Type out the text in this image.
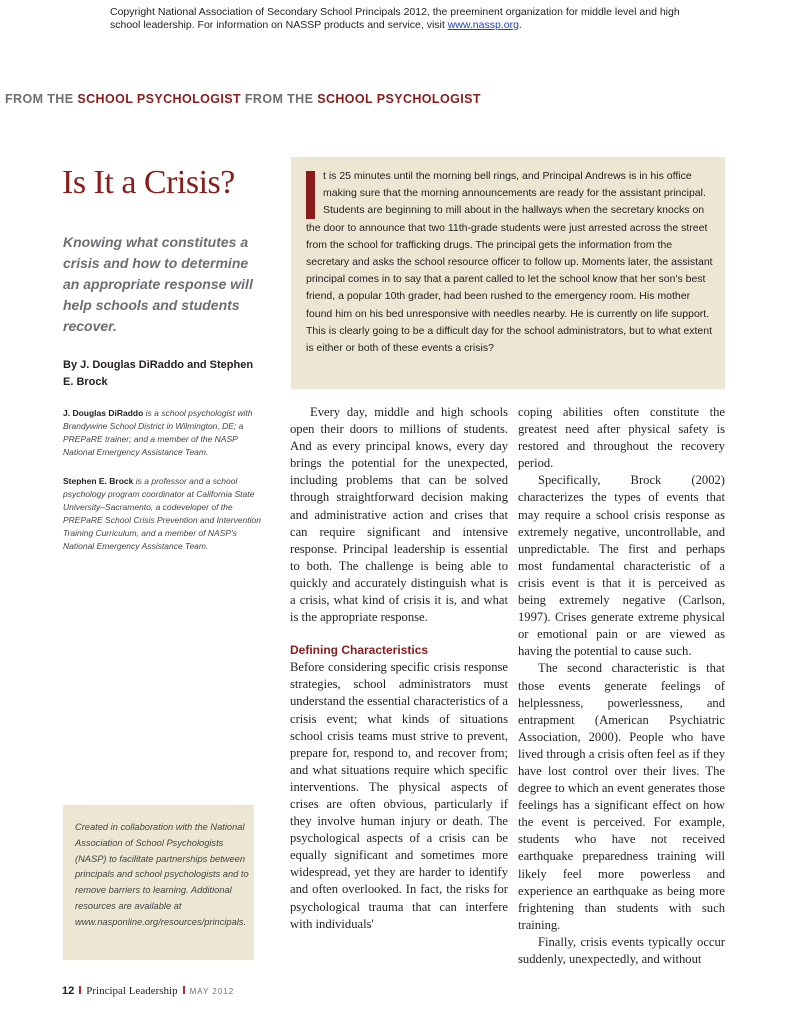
Copyright National Association of Secondary School Principals 2012, the preeminent organization for middle level and high school leadership. For information on NASSP products and service, visit www.nassp.org.
FROM THE SCHOOL PSYCHOLOGIST FROM THE SCHOOL PSYCHOLOGIST
Is It a Crisis?
Knowing what constitutes a crisis and how to determine an appropriate response will help schools and students recover.
By J. Douglas DiRaddo and Stephen E. Brock
J. Douglas DiRaddo is a school psychologist with Brandywine School District in Wilmington, DE; a PREPaRE trainer; and a member of the NASP National Emergency Assistance Team.
Stephen E. Brock is a professor and a school psychology program coordinator at California State University–Sacramento, a codeveloper of the PREPaRE School Crisis Prevention and Intervention Training Curriculum, and a member of NASP's National Emergency Assistance Team.
t is 25 minutes until the morning bell rings, and Principal Andrews is in his office making sure that the morning announcements are ready for the assistant principal. Students are beginning to mill about in the hallways when the secretary knocks on the door to announce that two 11th-grade students were just arrested across the street from the school for trafficking drugs. The principal gets the information from the secretary and asks the school resource officer to follow up. Moments later, the assistant principal comes in to say that a parent called to let the school know that her son's best friend, a popular 10th grader, had been rushed to the emergency room. His mother found him on his bed unresponsive with needles nearby. He is currently on life support. This is clearly going to be a difficult day for the school administrators, but to what extent is either or both of these events a crisis?

Every day, middle and high schools open their doors to millions of students. And as every principal knows, every day brings the potential for the unexpected, including problems that can be solved through straightforward decision making and administrative action and crises that can require significant and intensive response. Principal leadership is essential to both. The challenge is being able to quickly and accurately distinguish what is a crisis, what kind of crisis it is, and what is the appropriate response.

Defining Characteristics

Before considering specific crisis response strategies, school administrators must understand the essential characteristics of a crisis event; what kinds of situations school crisis teams must strive to prevent, prepare for, respond to, and recover from; and what situations require which specific interventions. The physical aspects of crises are often obvious, particularly if they involve human injury or death. The psychological aspects of a crisis can be equally significant and sometimes more widespread, yet they are harder to identify and often overlooked. In fact, the risks for psychological trauma that can interfere with individuals'

coping abilities often constitute the greatest need after physical safety is restored and throughout the recovery period.

Specifically, Brock (2002) characterizes the types of events that may require a school crisis response as extremely negative, uncontrollable, and unpredictable. The first and perhaps most fundamental characteristic of a crisis event is that it is perceived as being extremely negative (Carlson, 1997). Crises generate extreme physical or emotional pain or are viewed as having the potential to cause such.

The second characteristic is that those events generate feelings of helplessness, powerlessness, and entrapment (American Psychiatric Association, 2000). People who have lived through a crisis often feel as if they have lost control over their lives. The degree to which an event generates those feelings has a significant effect on how the event is perceived. For example, students who have not received earthquake preparedness training will likely feel more powerless and experience an earthquake as being more frightening than students with such training.

Finally, crisis events typically occur suddenly, unexpectedly, and without

Created in collaboration with the National Association of School Psychologists (NASP) to facilitate partnerships between principals and school psychologists and to remove barriers to learning. Additional resources are available at www.nasponline.org/resources/principals.
12 Principal Leadership MAY 2012
